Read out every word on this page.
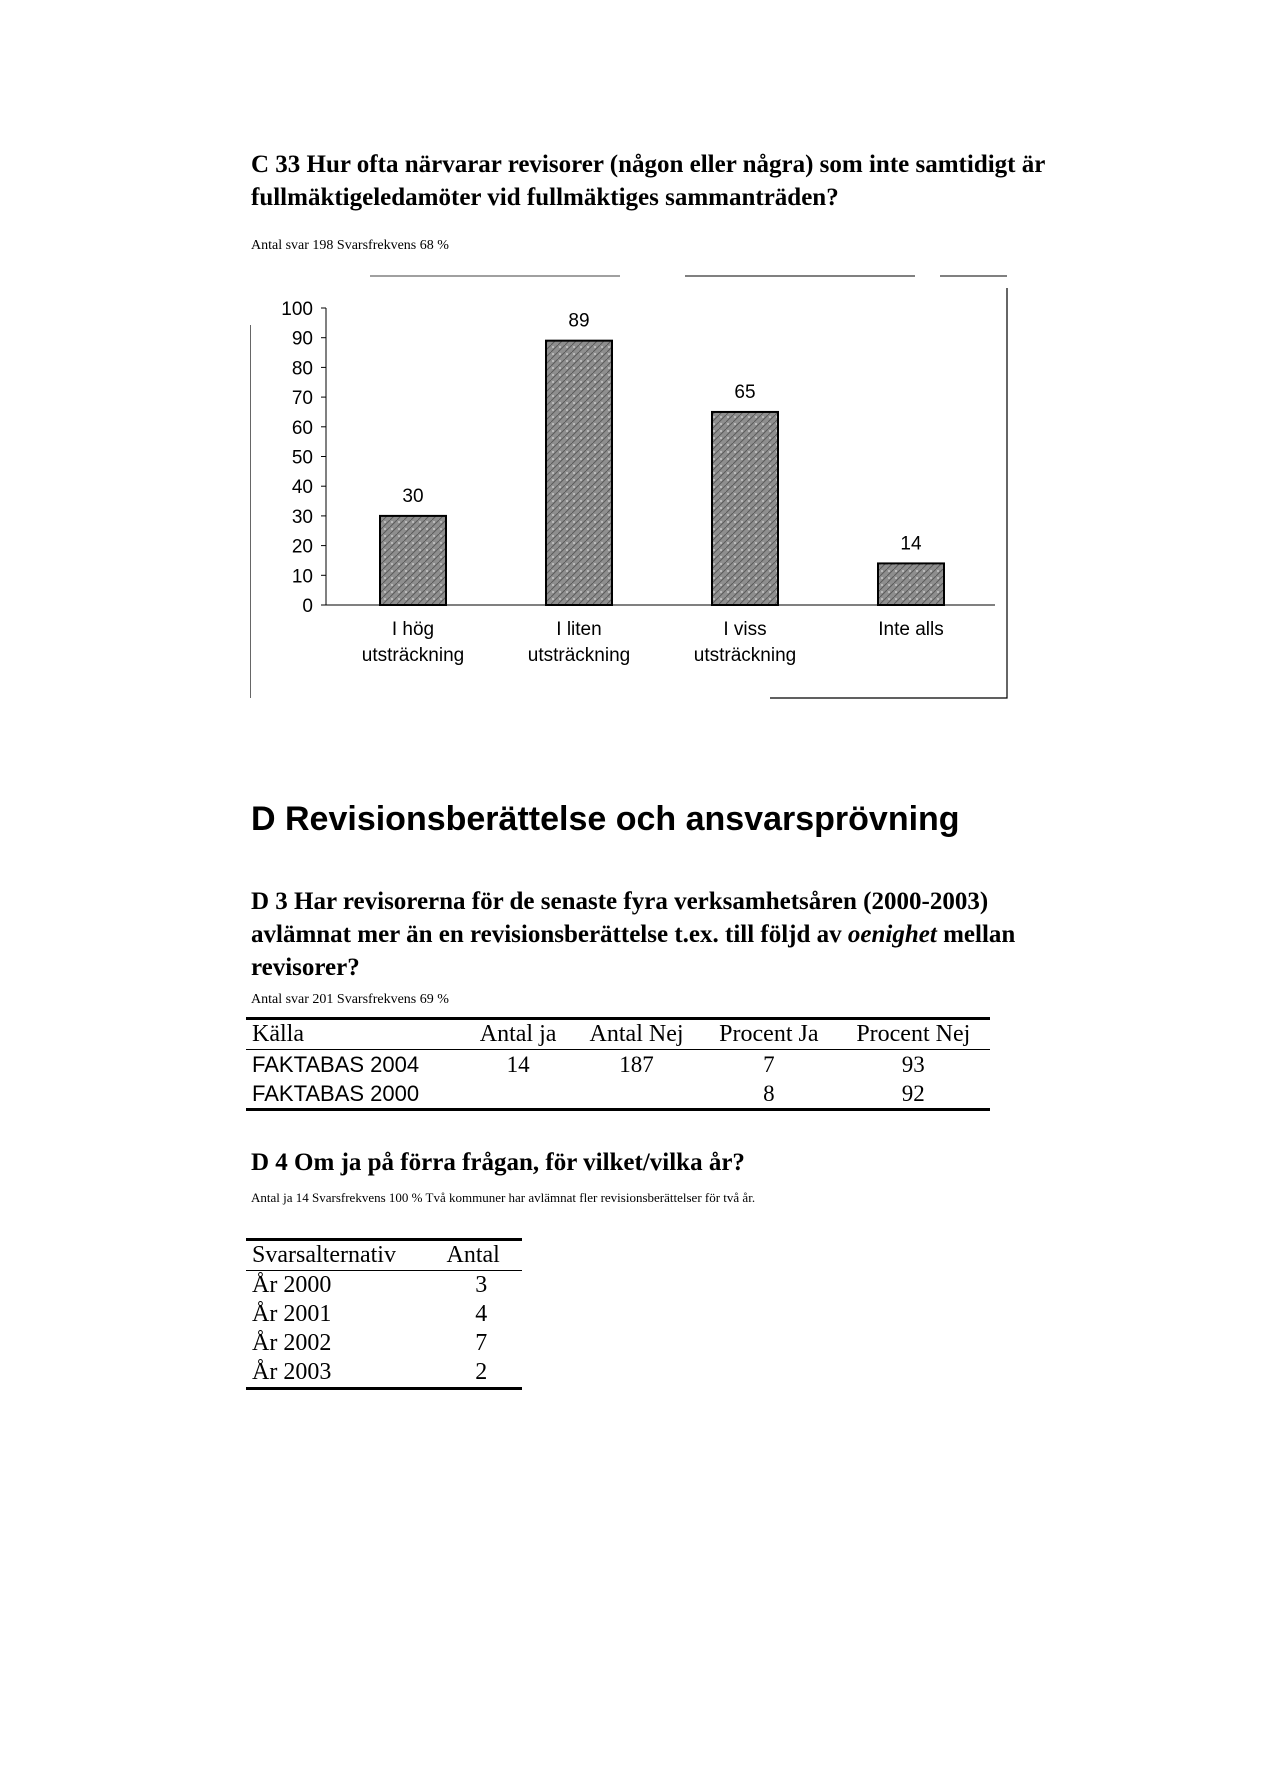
C 33 Hur ofta närvarar revisorer (någon eller några) som inte samtidigt är
fullmäktigeledamöter vid fullmäktiges sammanträden?
Antal svar 198 Svarsfrekvens 68 %
0
10
20
30
40
50
60
70
80
90
100
30
89
65
14
I hög
utsträckning
I liten
utsträckning
I viss
utsträckning
Inte alls
D Revisionsberättelse och ansvarsprövning
D 3 Har revisorerna för de senaste fyra verksamhetsåren (2000-2003)
avlämnat mer än en revisionsberättelse t.ex. till följd av oenighet mellan
revisorer?
Antal svar 201 Svarsfrekvens 69 %
Källa	Antal ja	Antal Nej	Procent Ja	Procent Nej
FAKTABAS 2004	14	187	7	93
FAKTABAS 2000			8	92
D 4 Om ja på förra frågan, för vilket/vilka år?
Antal ja 14 Svarsfrekvens 100 % Två kommuner har avlämnat fler revisionsberättelser för två år.
Svarsalternativ	Antal
År 2000	3
År 2001	4
År 2002	7
År 2003	2
